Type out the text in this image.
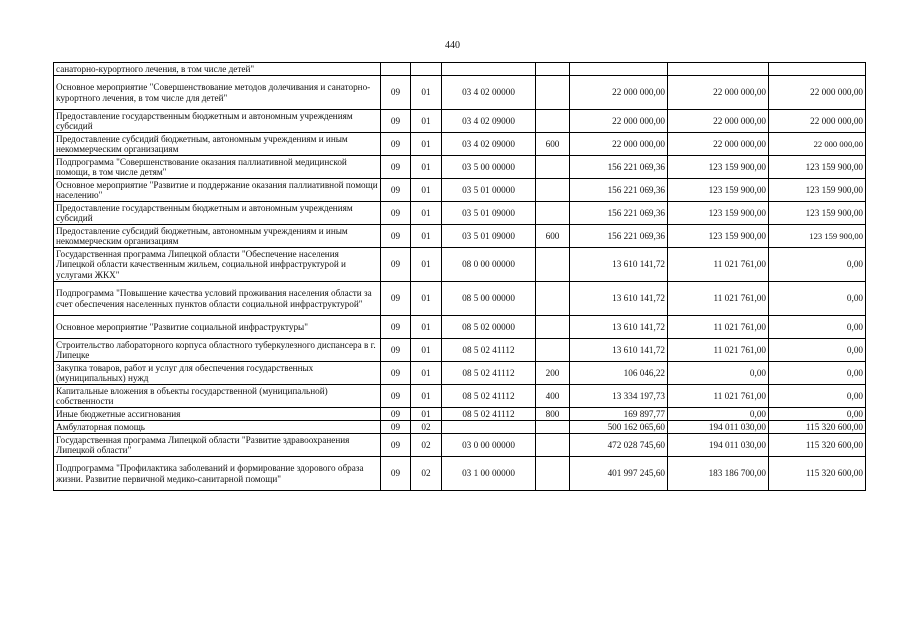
440
санаторно-курортного лечения, в том числе детей"							
Основное мероприятие "Совершенствование методов долечивания и санаторно-курортного лечения, в том числе для детей"	09	01	03 4 02 00000		22 000 000,00	22 000 000,00	22 000 000,00
Предоставление государственным бюджетным и автономным учреждениям субсидий	09	01	03 4 02 09000		22 000 000,00	22 000 000,00	22 000 000,00
Предоставление субсидий бюджетным, автономным учреждениям и иным некоммерческим организациям	09	01	03 4 02 09000	600	22 000 000,00	22 000 000,00	22 000 000,00
Подпрограмма "Совершенствование оказания паллиативной медицинской помощи, в том числе детям"	09	01	03 5 00 00000		156 221 069,36	123 159 900,00	123 159 900,00
Основное мероприятие "Развитие и поддержание оказания паллиативной помощи населению"	09	01	03 5 01 00000		156 221 069,36	123 159 900,00	123 159 900,00
Предоставление государственным бюджетным и автономным учреждениям субсидий	09	01	03 5 01 09000		156 221 069,36	123 159 900,00	123 159 900,00
Предоставление субсидий бюджетным, автономным учреждениям и иным некоммерческим организациям	09	01	03 5 01 09000	600	156 221 069,36	123 159 900,00	123 159 900,00
Государственная программа Липецкой области "Обеспечение населения Липецкой области качественным жильем, социальной инфраструктурой и услугами ЖКХ"	09	01	08 0 00 00000		13 610 141,72	11 021 761,00	0,00
Подпрограмма "Повышение качества условий проживания населения области за счет обеспечения населенных пунктов области социальной инфраструктурой"	09	01	08 5 00 00000		13 610 141,72	11 021 761,00	0,00
Основное мероприятие "Развитие социальной инфраструктуры"	09	01	08 5 02 00000		13 610 141,72	11 021 761,00	0,00
Строительство лабораторного корпуса областного туберкулезного диспансера в г. Липецке	09	01	08 5 02 41112		13 610 141,72	11 021 761,00	0,00
Закупка товаров, работ и услуг для обеспечения государственных (муниципальных) нужд	09	01	08 5 02 41112	200	106 046,22	0,00	0,00
Капитальные вложения в объекты государственной (муниципальной) собственности	09	01	08 5 02 41112	400	13 334 197,73	11 021 761,00	0,00
Иные бюджетные ассигнования	09	01	08 5 02 41112	800	169 897,77	0,00	0,00
Амбулаторная помощь	09	02			500 162 065,60	194 011 030,00	115 320 600,00
Государственная программа Липецкой области "Развитие здравоохранения Липецкой области"	09	02	03 0 00 00000		472 028 745,60	194 011 030,00	115 320 600,00
Подпрограмма "Профилактика заболеваний и формирование здорового образа жизни. Развитие первичной медико-санитарной помощи"	09	02	03 1 00 00000		401 997 245,60	183 186 700,00	115 320 600,00
